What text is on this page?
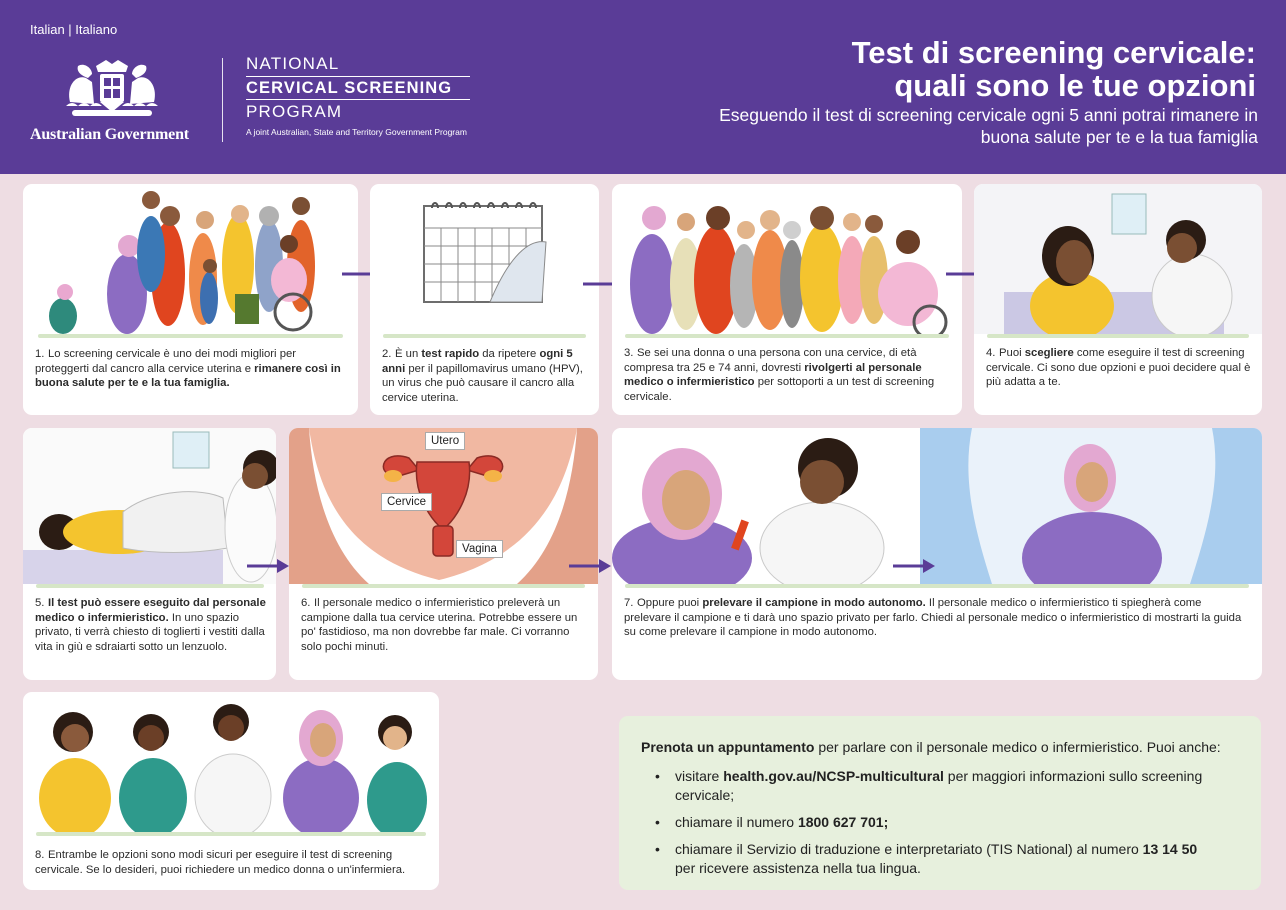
Italian | Italiano
Australian Government
NATIONAL
CERVICAL SCREENING
PROGRAM
A joint Australian, State and Territory Government Program
Test di screening cervicale:
quali sono le tue opzioni
Eseguendo il test di screening cervicale ogni 5 anni potrai rimanere in
buona salute per te e la tua famiglia
1. Lo screening cervicale è uno dei modi migliori per proteggerti dal cancro alla cervice uterina e rimanere così in buona salute per te e la tua famiglia.
2. È un test rapido da ripetere ogni 5 anni per il papillomavirus umano (HPV), un virus che può causare il cancro alla cervice uterina.
3. Se sei una donna o una persona con una cervice, di età compresa tra 25 e 74 anni, dovresti rivolgerti al personale medico o infermieristico per sottoporti a un test di screening cervicale.
4. Puoi scegliere come eseguire il test di screening cervicale. Ci sono due opzioni e puoi decidere qual è più adatta a te.
5. Il test può essere eseguito dal personale medico o infermieristico. In uno spazio privato, ti verrà chiesto di toglierti i vestiti dalla vita in giù e sdraiarti sotto un lenzuolo.
Utero
Cervice
Vagina
6. Il personale medico o infermieristico preleverà un campione dalla tua cervice uterina. Potrebbe essere un po' fastidioso, ma non dovrebbe far male. Ci vorranno solo pochi minuti.
7. Oppure puoi prelevare il campione in modo autonomo. Il personale medico o infermieristico ti spiegherà come prelevare il campione e ti darà uno spazio privato per farlo. Chiedi al personale medico o infermieristico di mostrarti la guida su come prelevare il campione in modo autonomo.
8. Entrambe le opzioni sono modi sicuri per eseguire il test di screening cervicale. Se lo desideri, puoi richiedere un medico donna o un'infermiera.
Prenota un appuntamento per parlare con il personale medico o infermieristico. Puoi anche:
• visitare health.gov.au/NCSP-multicultural per maggiori informazioni sullo screening cervicale;
• chiamare il numero 1800 627 701;
• chiamare il Servizio di traduzione e interpretariato (TIS National) al numero 13 14 50
per ricevere assistenza nella tua lingua.
